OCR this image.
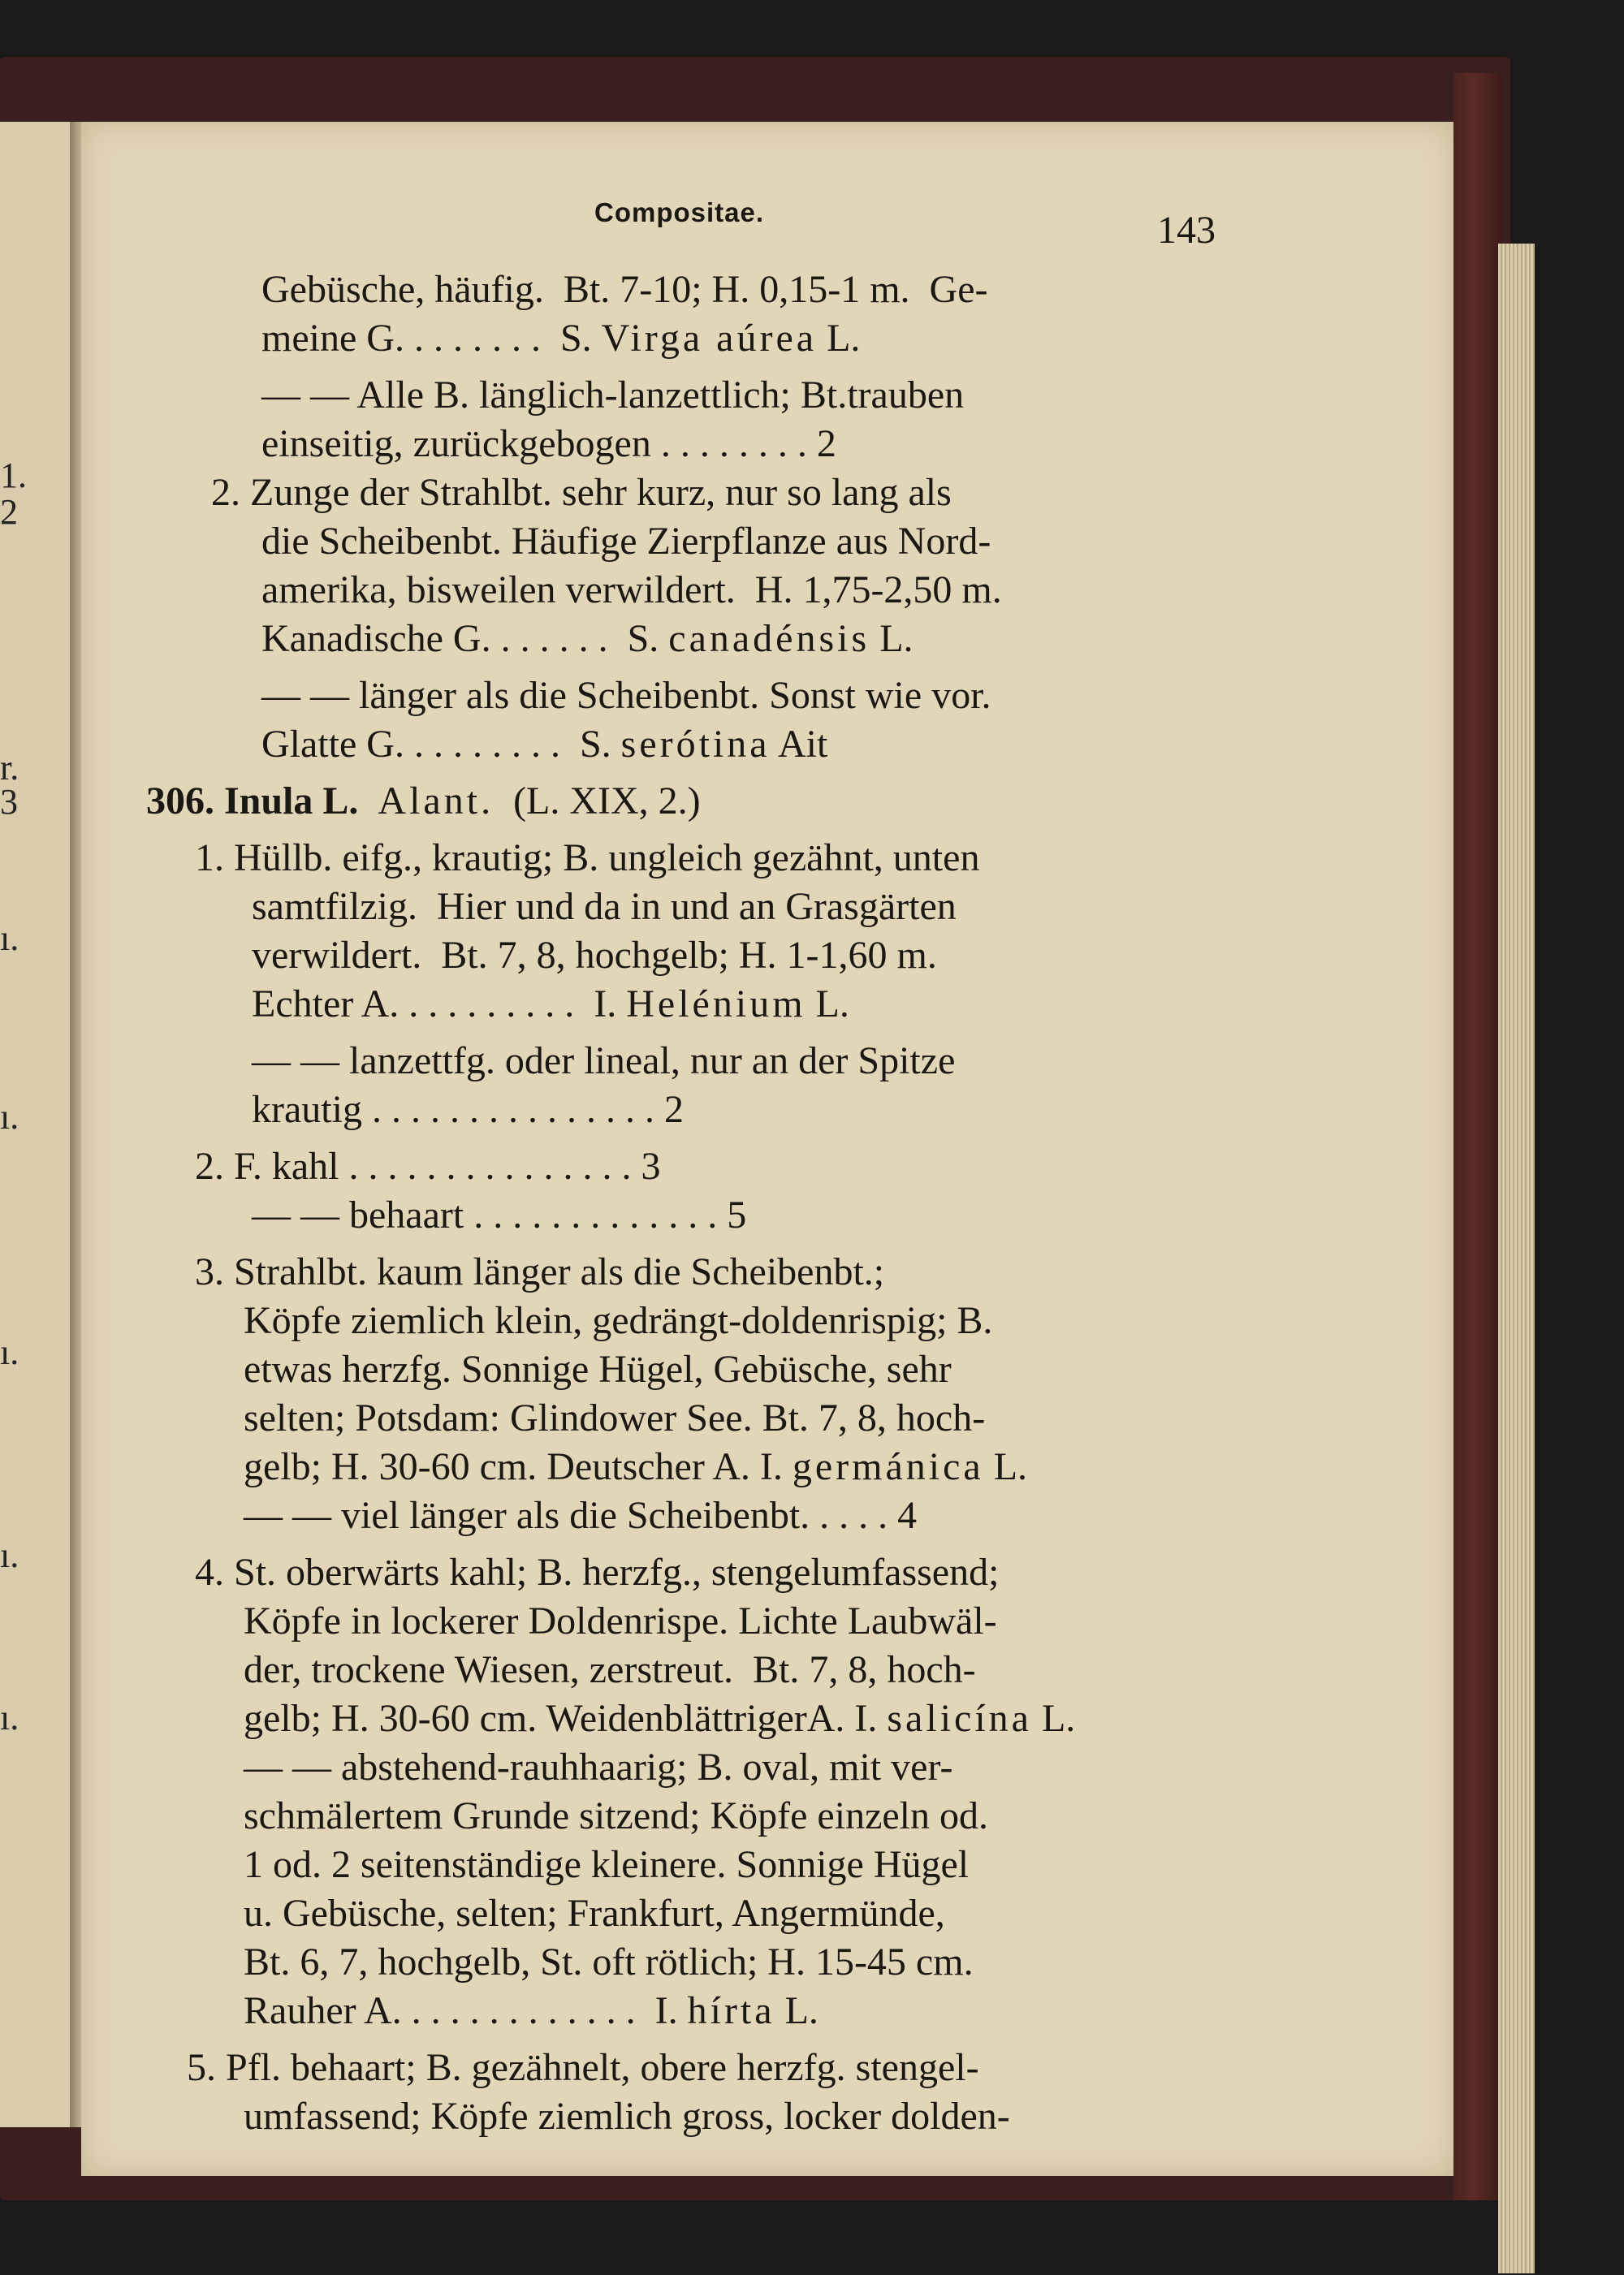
1.
2
r.
3
ı.
ı.
ı.
ı.
ı.
Compositae.	143
Gebüsche, häufig.  Bt. 7-10; H. 0,15-1 m.  Ge-
meine G. . . . . . . .  S. Virga aúrea L.
— — Alle B. länglich-lanzettlich; Bt.trauben
einseitig, zurückgebogen . . . . . . . . 2
2. Zunge der Strahlbt. sehr kurz, nur so lang als
die Scheibenbt. Häufige Zierpflanze aus Nord-
amerika, bisweilen verwildert.  H. 1,75-2,50 m.
Kanadische G. . . . . . .  S. canadénsis L.
— — länger als die Scheibenbt. Sonst wie vor.
Glatte G. . . . . . . . .  S. serótina Ait
306. Inula L. Alant.  (L. XIX, 2.)
1. Hüllb. eifg., krautig; B. ungleich gezähnt, unten
samtfilzig.  Hier und da in und an Grasgärten
verwildert.  Bt. 7, 8, hochgelb; H. 1-1,60 m.
Echter A. . . . . . . . . .  I. Helénium L.
— — lanzettfg. oder lineal, nur an der Spitze
krautig . . . . . . . . . . . . . . . 2
2. F. kahl . . . . . . . . . . . . . . . 3
— — behaart . . . . . . . . . . . . . 5
3. Strahlbt. kaum länger als die Scheibenbt.;
Köpfe ziemlich klein, gedrängt-doldenrispig; B.
etwas herzfg. Sonnige Hügel, Gebüsche, sehr
selten; Potsdam: Glindower See. Bt. 7, 8, hoch-
gelb; H. 30-60 cm. Deutscher A. I. germánica L.
— — viel länger als die Scheibenbt. . . . . 4
4. St. oberwärts kahl; B. herzfg., stengelumfassend;
Köpfe in lockerer Doldenrispe. Lichte Laubwäl-
der, trockene Wiesen, zerstreut.  Bt. 7, 8, hoch-
gelb; H. 30-60 cm. WeidenblättrigerA. I. salicína L.
— — abstehend-rauhhaarig; B. oval, mit ver-
schmälertem Grunde sitzend; Köpfe einzeln od.
1 od. 2 seitenständige kleinere. Sonnige Hügel
u. Gebüsche, selten; Frankfurt, Angermünde,
Bt. 6, 7, hochgelb, St. oft rötlich; H. 15-45 cm.
Rauher A. . . . . . . . . . . . .  I. hírta L.
5. Pfl. behaart; B. gezähnelt, obere herzfg. stengel-
umfassend; Köpfe ziemlich gross, locker dolden-
